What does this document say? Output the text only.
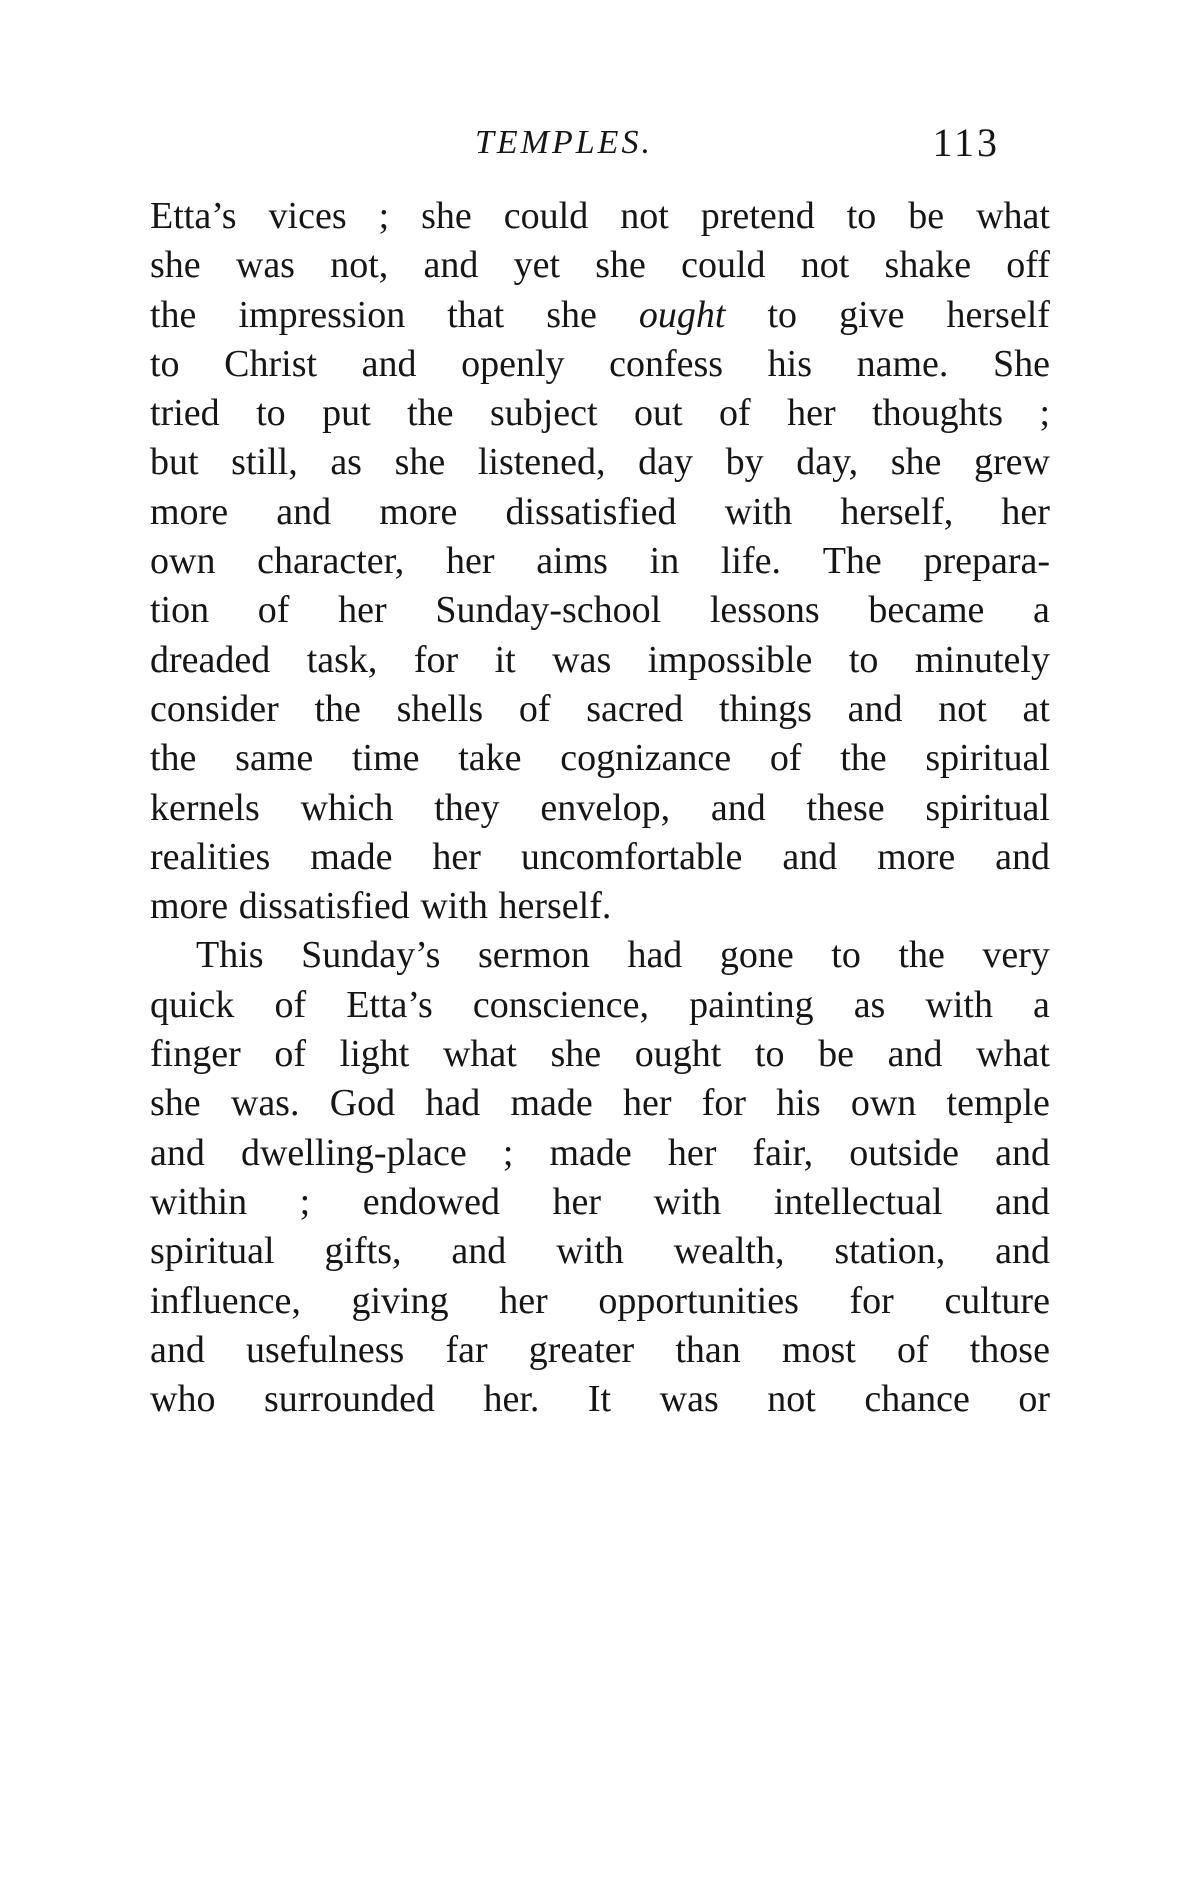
TEMPLES.	113
Etta’s vices ; she could not pretend to be what
she was not, and yet she could not shake off
the impression that she ought to give herself
to Christ and openly confess his name. She
tried to put the subject out of her thoughts ;
but still, as she listened, day by day, she grew
more and more dissatisfied with herself, her
own character, her aims in life. The prepara-
tion of her Sunday-school lessons became a
dreaded task, for it was impossible to minutely
consider the shells of sacred things and not at
the same time take cognizance of the spiritual
kernels which they envelop, and these spiritual
realities made her uncomfortable and more and
more dissatisfied with herself.
This Sunday’s sermon had gone to the very
quick of Etta’s conscience, painting as with a
finger of light what she ought to be and what
she was. God had made her for his own temple
and dwelling-place ; made her fair, outside and
within ; endowed her with intellectual and
spiritual gifts, and with wealth, station, and
influence, giving her opportunities for culture
and usefulness far greater than most of those
who surrounded her. It was not chance or
